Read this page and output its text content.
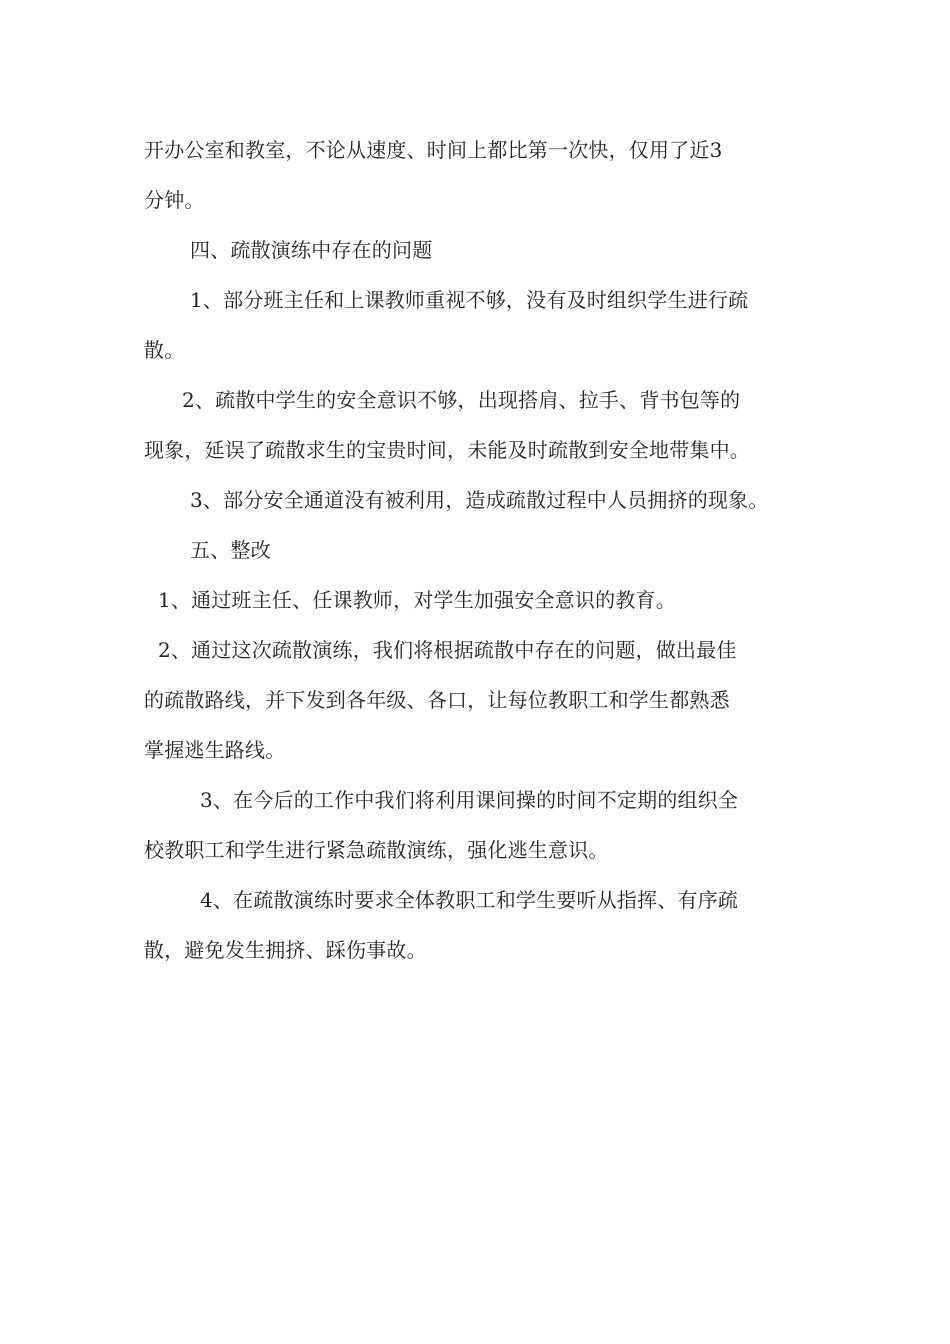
开办公室和教室，不论从速度、时间上都比第一次快，仅用了近3
分钟。
四、疏散演练中存在的问题
1、部分班主任和上课教师重视不够，没有及时组织学生进行疏
散。
2、疏散中学生的安全意识不够，出现搭肩、拉手、背书包等的
现象，延误了疏散求生的宝贵时间，未能及时疏散到安全地带集中。
3、部分安全通道没有被利用，造成疏散过程中人员拥挤的现象。
五、整改
1、通过班主任、任课教师，对学生加强安全意识的教育。
2、通过这次疏散演练，我们将根据疏散中存在的问题，做出最佳
的疏散路线，并下发到各年级、各口，让每位教职工和学生都熟悉
掌握逃生路线。
3、在今后的工作中我们将利用课间操的时间不定期的组织全
校教职工和学生进行紧急疏散演练，强化逃生意识。
4、在疏散演练时要求全体教职工和学生要听从指挥、有序疏
散，避免发生拥挤、踩伤事故。
